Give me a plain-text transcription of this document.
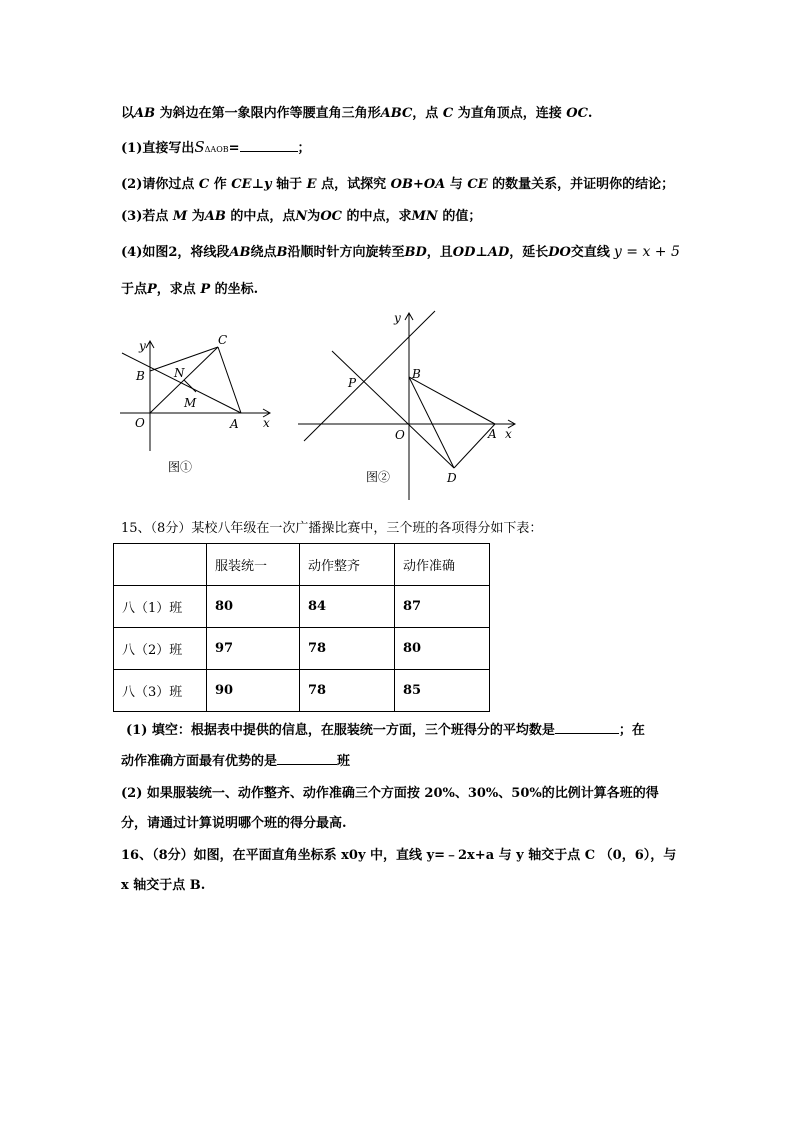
以AB 为斜边在第一象限内作等腰直角三角形ABC，点 C 为直角顶点，连接 OC.
(1)直接写出SΔAOB=	；
(2)请你过点 C 作 CE⊥y 轴于 E 点，试探究 OB+OA 与 CE 的数量关系，并证明你的结论；
(3)若点 M 为AB 的中点，点N为OC 的中点，求MN 的值；
(4)如图2，将线段AB绕点B沿顺时针方向旋转至BD，且OD⊥AD，延长DO交直线 y = x + 5
于点P，求点 P 的坐标.
y	C
B N
M
O	A x
图①
y
P
B
O	A x
D
图②
15、（8分）某校八年级在一次广播操比赛中，三个班的各项得分如下表：
	服装统一	动作整齐	动作准确
八（1）班	80	84	87
八（2）班	97	78	80
八（3）班	90	78	85
(1) 填空：根据表中提供的信息，在服装统一方面，三个班得分的平均数是	；在
动作准确方面最有优势的是	班
(2) 如果服装统一、动作整齐、动作准确三个方面按 20%、30%、50%的比例计算各班的得
分，请通过计算说明哪个班的得分最高.
16、（8分）如图，在平面直角坐标系 x0y 中，直线 y=﹣2x+a 与 y 轴交于点 C （0，6），与
x 轴交于点 B.
